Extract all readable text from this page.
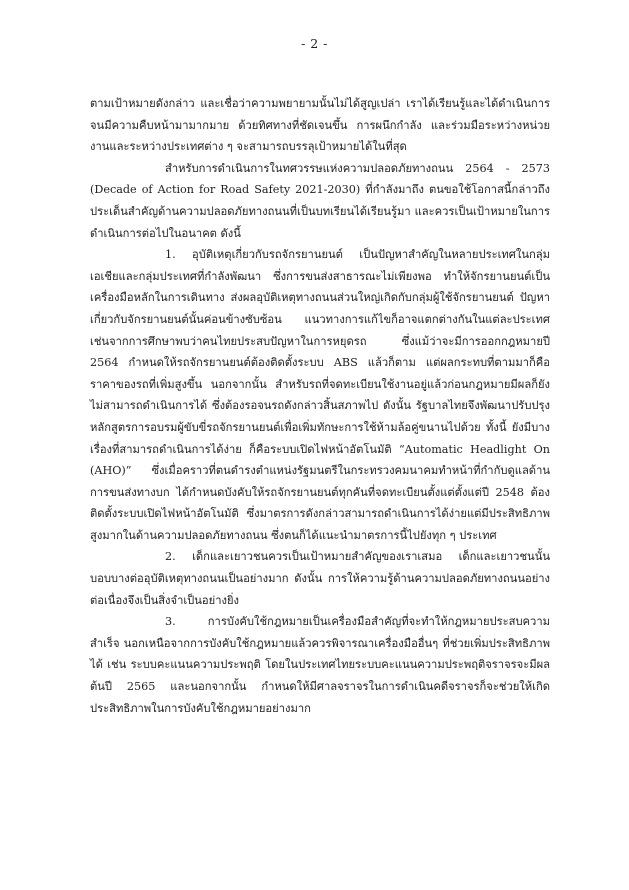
- 2 -

ตามเป้าหมายดังกล่าว และเชื่อว่าความพยายามนั้นไม่ได้สูญเปล่า เราได้เรียนรู้และได้ดำเนินการจนมีความคืบหน้ามามากมาย ด้วยทิศทางที่ชัดเจนขึ้น การผนึกกำลัง และร่วมมือระหว่างหน่วยงานและระหว่างประเทศต่าง ๆ จะสามารถบรรลุเป้าหมายได้ในที่สุด

สำหรับการดำเนินการในทศวรรษแห่งความปลอดภัยทางถนน 2564 - 2573 (Decade of Action for Road Safety 2021-2030) ที่กำลังมาถึง ตนขอใช้โอกาสนี้กล่าวถึงประเด็นสำคัญด้านความปลอดภัยทางถนนที่เป็นบทเรียนได้เรียนรู้มา และควรเป็นเป้าหมายในการดำเนินการต่อไปในอนาคต ดังนี้

1. อุบัติเหตุเกี่ยวกับรถจักรยานยนต์ เป็นปัญหาสำคัญในหลายประเทศในกลุ่มเอเชียและกลุ่มประเทศที่กำลังพัฒนา ซึ่งการขนส่งสาธารณะไม่เพียงพอ ทำให้จักรยานยนต์เป็นเครื่องมือหลักในการเดินทาง ส่งผลอุบัติเหตุทางถนนส่วนใหญ่เกิดกับกลุ่มผู้ใช้จักรยานยนต์ ปัญหาเกี่ยวกับจักรยานยนต์นั้นค่อนข้างซับซ้อน แนวทางการแก้ไขก็อาจแตกต่างกันในแต่ละประเทศ เช่นจากการศึกษาพบว่าคนไทยประสบปัญหาในการหยุดรถ ซึ่งแม้ว่าจะมีการออกกฎหมายปี 2564 กำหนดให้รถจักรยานยนต์ต้องติดตั้งระบบ ABS แล้วก็ตาม แต่ผลกระทบที่ตามมาก็คือราคาของรถที่เพิ่มสูงขึ้น นอกจากนั้น สำหรับรถที่จดทะเบียนใช้งานอยู่แล้วก่อนกฎหมายมีผลก็ยังไม่สามารถดำเนินการได้ ซึ่งต้องรอจนรถดังกล่าวสิ้นสภาพไป ดังนั้น รัฐบาลไทยจึงพัฒนาปรับปรุงหลักสูตรการอบรมผู้ขับขี่รถจักรยานยนต์เพื่อเพิ่มทักษะการใช้ห้ามล้อคู่ขนานไปด้วย ทั้งนี้ ยังมีบางเรื่องที่สามารถดำเนินการได้ง่าย ก็คือระบบเปิดไฟหน้าอัตโนมัติ “Automatic Headlight On (AHO)” ซึ่งเมื่อคราวที่ตนดำรงตำแหน่งรัฐมนตรีในกระทรวงคมนาคมทำหน้าที่กำกับดูแลด้านการขนส่งทางบก ได้กำหนดบังคับให้รถจักรยานยนต์ทุกคันที่จดทะเบียนตั้งแต่ตั้งแต่ปี 2548 ต้องติดตั้งระบบเปิดไฟหน้าอัตโนมัติ ซึ่งมาตรการดังกล่าวสามารถดำเนินการได้ง่ายแต่มีประสิทธิภาพสูงมากในด้านความปลอดภัยทางถนน ซึ่งตนก็ได้แนะนำมาตรการนี้ไปยังทุก ๆ ประเทศ

2. เด็กและเยาวชนควรเป็นเป้าหมายสำคัญของเราเสมอ เด็กและเยาวชนนั้นบอบบางต่ออุบัติเหตุทางถนนเป็นอย่างมาก ดังนั้น การให้ความรู้ด้านความปลอดภัยทางถนนอย่างต่อเนื่องจึงเป็นสิ่งจำเป็นอย่างยิ่ง

3. การบังคับใช้กฎหมายเป็นเครื่องมือสำคัญที่จะทำให้กฎหมายประสบความสำเร็จ นอกเหนือจากการบังคับใช้กฎหมายแล้วควรพิจารณาเครื่องมืออื่นๆ ที่ช่วยเพิ่มประสิทธิภาพได้ เช่น ระบบคะแนนความประพฤติ โดยในประเทศไทยระบบคะแนนความประพฤติจราจรจะมีผลต้นปี 2565 และนอกจากนั้น กำหนดให้มีศาลจราจรในการดำเนินคดีจราจรก็จะช่วยให้เกิดประสิทธิภาพในการบังคับใช้กฎหมายอย่างมาก
